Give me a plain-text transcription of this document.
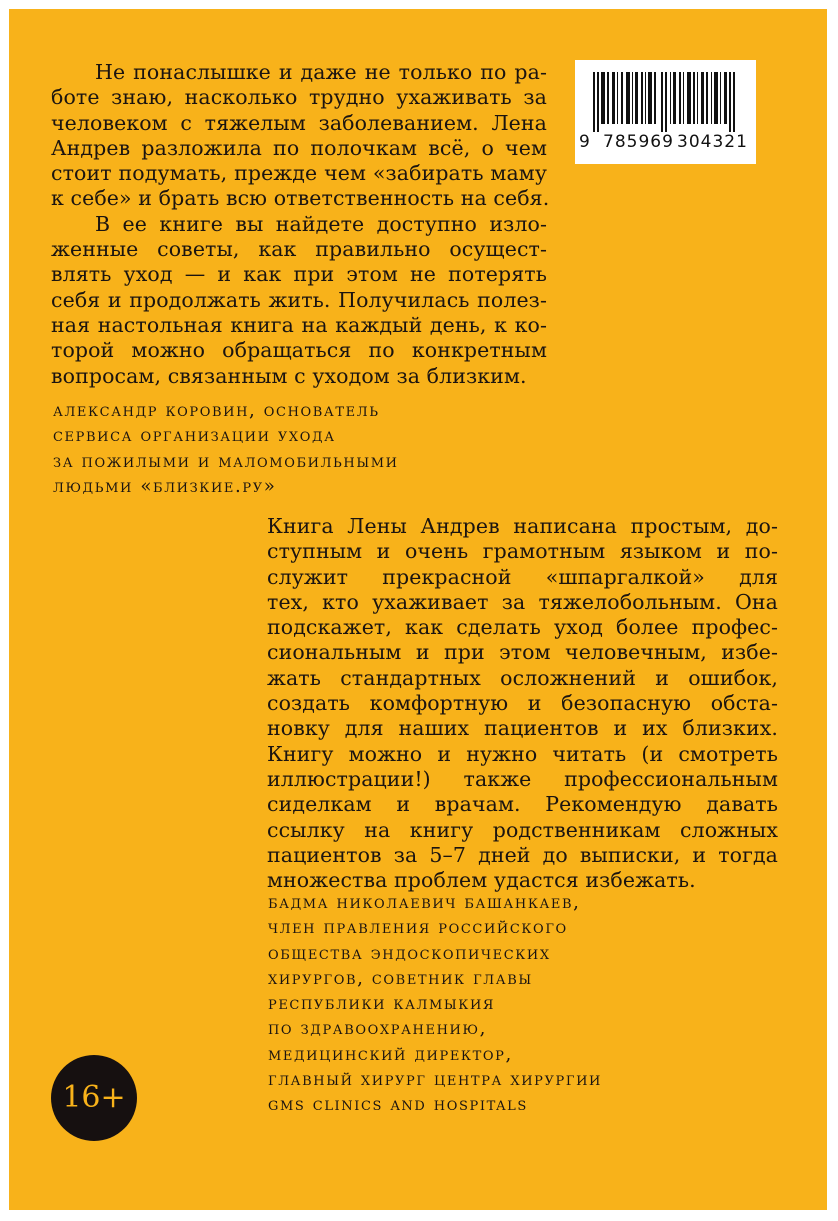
Не понаслышке и даже не только по ра-
боте знаю, насколько трудно ухаживать за
человеком с тяжелым заболеванием. Лена
Андрев разложила по полочкам всё, о чем
стоит подумать, прежде чем «забирать маму
к себе» и брать всю ответственность на себя.
В ее книге вы найдете доступно изло-
женные советы, как правильно осущест-
влять уход — и как при этом не потерять
себя и продолжать жить. Получилась полез-
ная настольная книга на каждый день, к ко-
торой можно обращаться по конкретным
вопросам, связанным с уходом за близким.
александр коровин, основатель
сервиса организации ухода
за пожилыми и маломобильными
людьми «близкие.ру»
9 785969 304321
Книга Лены Андрев написана простым, до-
ступным и очень грамотным языком и по-
служит прекрасной «шпаргалкой» для
тех, кто ухаживает за тяжелобольным. Она
подскажет, как сделать уход более профес-
сиональным и при этом человечным, избе-
жать стандартных осложнений и ошибок,
создать комфортную и безопасную обста-
новку для наших пациентов и их близких.
Книгу можно и нужно читать (и смотреть
иллюстрации!) также профессиональным
сиделкам и врачам. Рекомендую давать
ссылку на книгу родственникам сложных
пациентов за 5–7 дней до выписки, и тогда
множества проблем удастся избежать.
бадма николаевич башанкаев,
член правления российского
общества эндоскопических
хирургов, советник главы
республики калмыкия
по здравоохранению,
медицинский директор,
главный хирург центра хирургии
gms clinics and hospitals
16+
